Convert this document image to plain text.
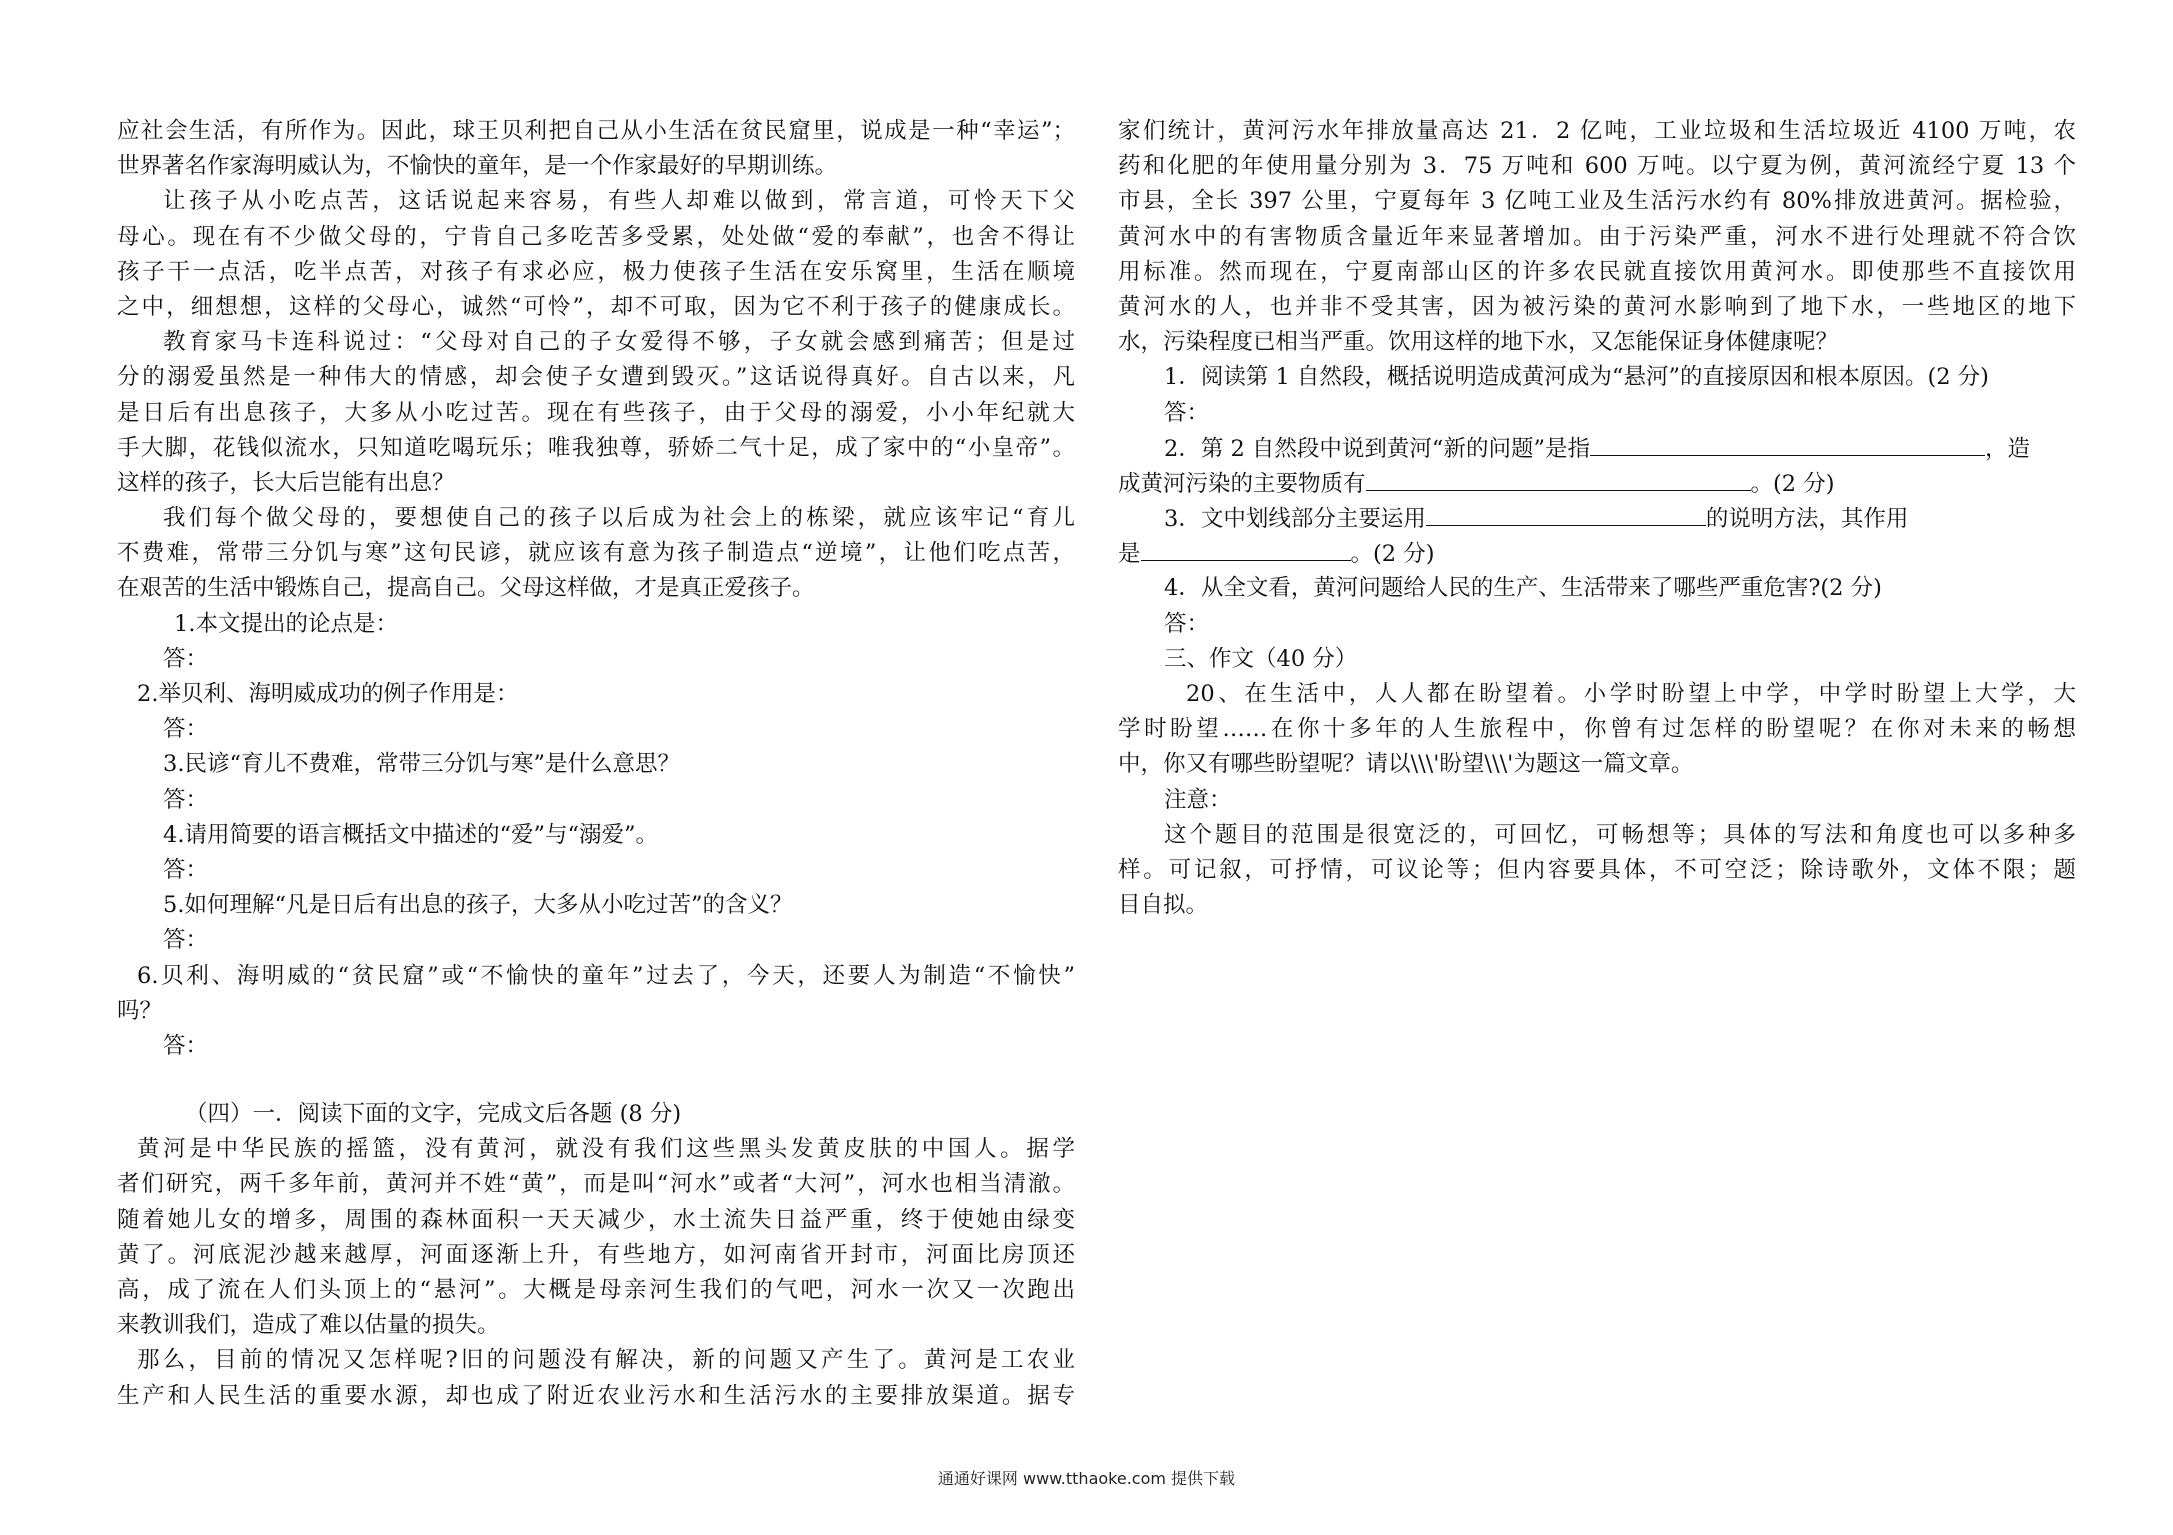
应社会生活，有所作为。因此，球王贝利把自己从小生活在贫民窟里，说成是一种“幸运”；
世界著名作家海明威认为，不愉快的童年，是一个作家最好的早期训练。
让孩子从小吃点苦，这话说起来容易，有些人却难以做到，常言道，可怜天下父
母心。现在有不少做父母的，宁肯自己多吃苦多受累，处处做“爱的奉献”，也舍不得让
孩子干一点活，吃半点苦，对孩子有求必应，极力使孩子生活在安乐窝里，生活在顺境
之中，细想想，这样的父母心，诚然“可怜”，却不可取，因为它不利于孩子的健康成长。
教育家马卡连科说过：“父母对自己的子女爱得不够，子女就会感到痛苦；但是过
分的溺爱虽然是一种伟大的情感，却会使子女遭到毁灭。”这话说得真好。自古以来，凡
是日后有出息孩子，大多从小吃过苦。现在有些孩子，由于父母的溺爱，小小年纪就大
手大脚，花钱似流水，只知道吃喝玩乐；唯我独尊，骄娇二气十足，成了家中的“小皇帝”。
这样的孩子，长大后岂能有出息？
我们每个做父母的，要想使自己的孩子以后成为社会上的栋梁，就应该牢记“育儿
不费难，常带三分饥与寒”这句民谚，就应该有意为孩子制造点“逆境”，让他们吃点苦，
在艰苦的生活中锻炼自己，提高自己。父母这样做，才是真正爱孩子。
1.本文提出的论点是：
答：
2.举贝利、海明威成功的例子作用是：
答：
3.民谚“育儿不费难，常带三分饥与寒”是什么意思？
答：
4.请用简要的语言概括文中描述的“爱”与“溺爱”。
答：
5.如何理解“凡是日后有出息的孩子，大多从小吃过苦”的含义？
答：
6.贝利、海明威的“贫民窟”或“不愉快的童年”过去了，今天，还要人为制造“不愉快”
吗？
答：
（四）一．阅读下面的文字，完成文后各题 (8 分)
黄河是中华民族的摇篮，没有黄河，就没有我们这些黑头发黄皮肤的中国人。据学
者们研究，两千多年前，黄河并不姓“黄”，而是叫“河水”或者“大河”，河水也相当清澈。
随着她儿女的增多，周围的森林面积一天天减少，水土流失日益严重，终于使她由绿变
黄了。河底泥沙越来越厚，河面逐渐上升，有些地方，如河南省开封市，河面比房顶还
高，成了流在人们头顶上的“悬河”。大概是母亲河生我们的气吧，河水一次又一次跑出
来教训我们，造成了难以估量的损失。
那么，目前的情况又怎样呢?旧的问题没有解决，新的问题又产生了。黄河是工农业
生产和人民生活的重要水源，却也成了附近农业污水和生活污水的主要排放渠道。据专
家们统计，黄河污水年排放量高达 21．2 亿吨，工业垃圾和生活垃圾近 4100 万吨，农
药和化肥的年使用量分别为 3．75 万吨和 600 万吨。以宁夏为例，黄河流经宁夏 13 个
市县，全长 397 公里，宁夏每年 3 亿吨工业及生活污水约有 80%排放进黄河。据检验，
黄河水中的有害物质含量近年来显著增加。由于污染严重，河水不进行处理就不符合饮
用标准。然而现在，宁夏南部山区的许多农民就直接饮用黄河水。即使那些不直接饮用
黄河水的人，也并非不受其害，因为被污染的黄河水影响到了地下水，一些地区的地下
水，污染程度已相当严重。饮用这样的地下水，又怎能保证身体健康呢？
1．阅读第 1 自然段，概括说明造成黄河成为“悬河”的直接原因和根本原因。(2 分)
答：
2．第 2 自然段中说到黄河“新的问题”是指	，造
成黄河污染的主要物质有	。(2 分)
3．文中划线部分主要运用	的说明方法，其作用
是	。(2 分)
4．从全文看，黄河问题给人民的生产、生活带来了哪些严重危害?(2 分)
答：
三、作文（40 分）
20、在生活中，人人都在盼望着。小学时盼望上中学，中学时盼望上大学，大
学时盼望……在你十多年的人生旅程中，你曾有过怎样的盼望呢？在你对未来的畅想
中，你又有哪些盼望呢？请以\\\'盼望\\\'为题这一篇文章。
注意：
这个题目的范围是很宽泛的，可回忆，可畅想等；具体的写法和角度也可以多种多
样。可记叙，可抒情，可议论等；但内容要具体，不可空泛；除诗歌外，文体不限；题
目自拟。
通通好课网 www.tthaoke.com 提供下载
